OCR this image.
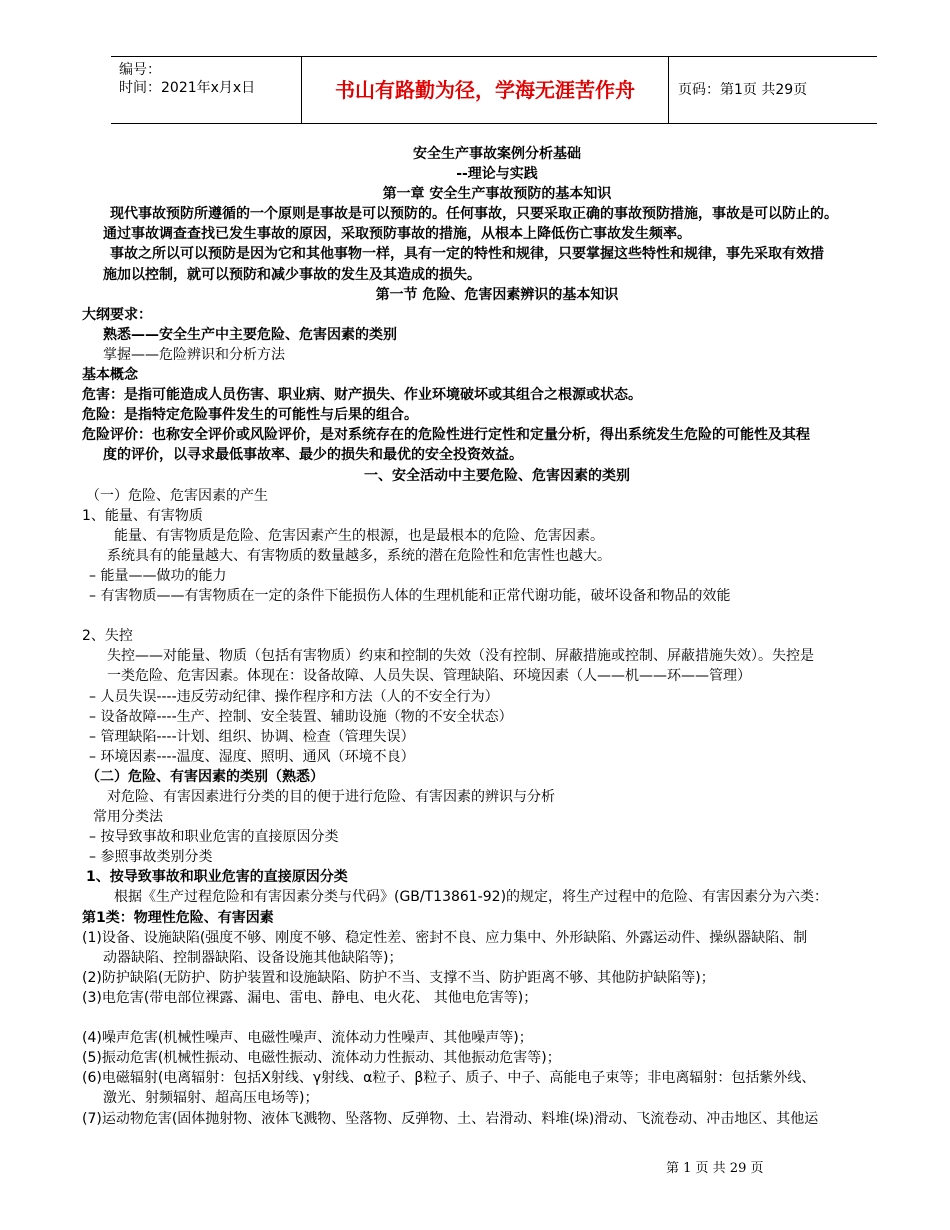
编号：
时间：2021年x月x日	书山有路勤为径，学海无涯苦作舟	页码：第1页 共29页
安全生产事故案例分析基础
--理论与实践
第一章 安全生产事故预防的基本知识
现代事故预防所遵循的一个原则是事故是可以预防的。任何事故，只要采取正确的事故预防措施，事故是可以防止的。
通过事故调查查找已发生事故的原因，采取预防事故的措施，从根本上降低伤亡事故发生频率。
事故之所以可以预防是因为它和其他事物一样，具有一定的特性和规律，只要掌握这些特性和规律，事先采取有效措
施加以控制，就可以预防和减少事故的发生及其造成的损失。
第一节 危险、危害因素辨识的基本知识
大纲要求：
熟悉——安全生产中主要危险、危害因素的类别
掌握——危险辨识和分析方法
基本概念
危害：是指可能造成人员伤害、职业病、财产损失、作业环境破坏或其组合之根源或状态。
危险：是指特定危险事件发生的可能性与后果的组合。
危险评价：也称安全评价或风险评价，是对系统存在的危险性进行定性和定量分析，得出系统发生危险的可能性及其程
度的评价，以寻求最低事故率、最少的损失和最优的安全投资效益。
一、安全活动中主要危险、危害因素的类别
（一）危险、危害因素的产生
1、能量、有害物质
能量、有害物质是危险、危害因素产生的根源，也是最根本的危险、危害因素。
系统具有的能量越大、有害物质的数量越多，系统的潜在危险性和危害性也越大。
– 能量——做功的能力
– 有害物质——有害物质在一定的条件下能损伤人体的生理机能和正常代谢功能，破坏设备和物品的效能
2、失控
失控——对能量、物质（包括有害物质）约束和控制的失效（没有控制、屏蔽措施或控制、屏蔽措施失效）。失控是
一类危险、危害因素。体现在：设备故障、人员失误、管理缺陷、环境因素（人——机——环——管理）
– 人员失误----违反劳动纪律、操作程序和方法（人的不安全行为）
– 设备故障----生产、控制、安全装置、辅助设施（物的不安全状态）
– 管理缺陷----计划、组织、协调、检查（管理失误）
– 环境因素----温度、湿度、照明、通风（环境不良）
（二）危险、有害因素的类别（熟悉）
对危险、有害因素进行分类的目的便于进行危险、有害因素的辨识与分析
常用分类法
– 按导致事故和职业危害的直接原因分类
– 参照事故类别分类
1、按导致事故和职业危害的直接原因分类
根据《生产过程危险和有害因素分类与代码》(GB/T13861-92)的规定，将生产过程中的危险、有害因素分为六类：
第1类：物理性危险、有害因素
(1)设备、设施缺陷(强度不够、刚度不够、稳定性差、密封不良、应力集中、外形缺陷、外露运动件、操纵器缺陷、制
动器缺陷、控制器缺陷、设备设施其他缺陷等)；
(2)防护缺陷(无防护、防护装置和设施缺陷、防护不当、支撑不当、防护距离不够、其他防护缺陷等)；
(3)电危害(带电部位裸露、漏电、雷电、静电、电火花、 其他电危害等)；
(4)噪声危害(机械性噪声、电磁性噪声、流体动力性噪声、其他噪声等)；
(5)振动危害(机械性振动、电磁性振动、流体动力性振动、其他振动危害等)；
(6)电磁辐射(电离辐射：包括Χ射线、γ射线、α粒子、β粒子、质子、中子、高能电子束等；非电离辐射：包括紫外线、
激光、射频辐射、超高压电场等)；
(7)运动物危害(固体抛射物、液体飞溅物、坠落物、反弹物、土、岩滑动、料堆(垛)滑动、飞流卷动、冲击地区、其他运
第 1 页 共 29 页
